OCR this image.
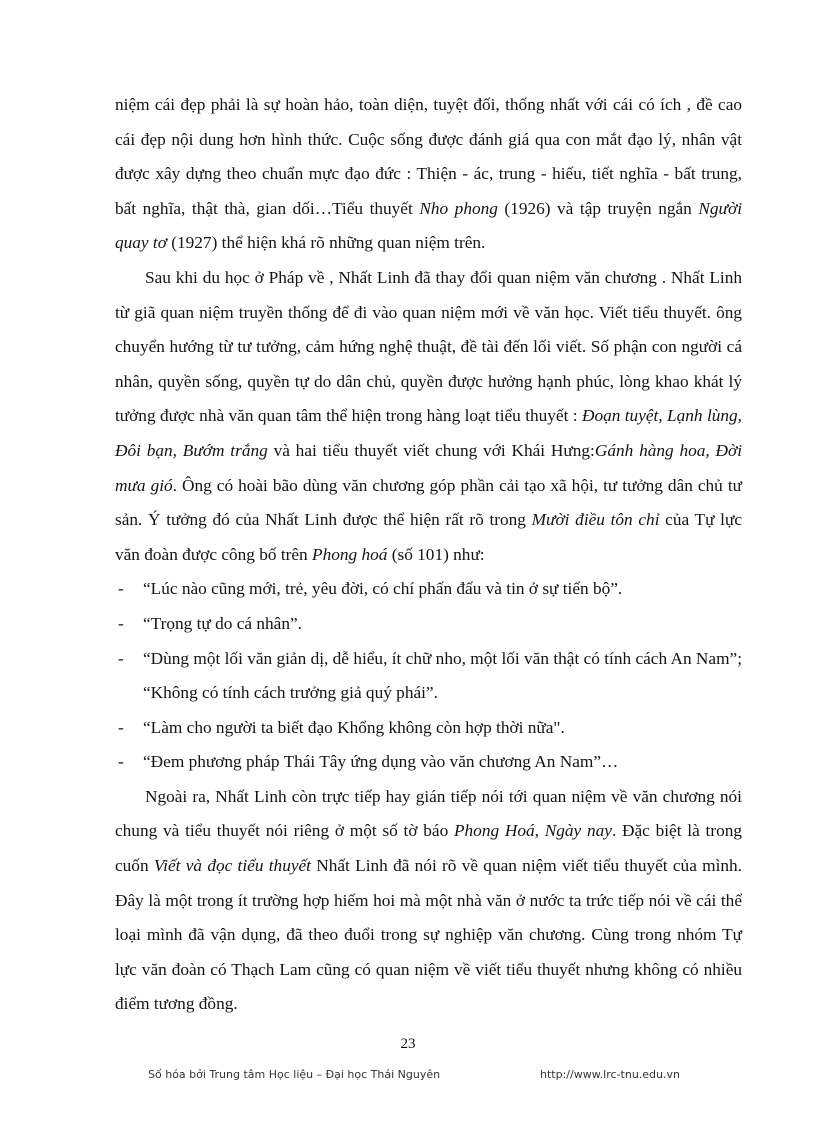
niệm cái đẹp phải là sự hoàn hảo, toàn diện, tuyệt đối, thống nhất với cái có ích , đề cao cái đẹp nội dung hơn hình thức. Cuộc sống được đánh giá qua con mắt đạo lý, nhân vật được xây dựng theo chuẩn mực đạo đức : Thiện - ác, trung - hiếu, tiết nghĩa - bất trung, bất nghĩa, thật thà, gian dối…Tiểu thuyết Nho phong (1926) và tập truyện ngắn Người quay tơ (1927) thể hiện khá rõ những quan niệm trên.

Sau khi du học ở Pháp về , Nhất Linh đã thay đổi quan niệm văn chương . Nhất Linh từ giã quan niệm truyền thống để đi vào quan niệm mới về văn học. Viết tiểu thuyết. ông chuyển hướng từ tư tưởng, cảm hứng nghệ thuật, đề tài đến lối viết. Số phận con người cá nhân, quyền sống, quyền tự do dân chủ, quyền được hưởng hạnh phúc, lòng khao khát lý tưởng được nhà văn quan tâm thể hiện trong hàng loạt tiểu thuyết : Đoạn tuyệt, Lạnh lùng, Đôi bạn, Bướm trắng và hai tiểu thuyết viết chung với Khái Hưng:Gánh hàng hoa, Đời mưa gió. Ông có hoài bão dùng văn chương góp phần cải tạo xã hội, tư tưởng dân chủ tư sản. Ý tưởng đó của Nhất Linh được thể hiện rất rõ trong Mười điều tôn chỉ của Tự lực văn đoàn được công bố trên Phong hoá (số 101) như:

- “Lúc nào cũng mới, trẻ, yêu đời, có chí phấn đấu và tin ở sự tiến bộ”.

- “Trọng tự do cá nhân”.

- “Dùng một lối văn giản dị, dễ hiểu, ít chữ nho, một lối văn thật có tính cách An Nam”; “Không có tính cách trưởng giả quý phái”.

- “Làm cho người ta biết đạo Khổng không còn hợp thời nữa".

- “Đem phương pháp Thái Tây ứng dụng vào văn chương An Nam”…

Ngoài ra, Nhất Linh còn trực tiếp hay gián tiếp nói tới quan niệm về văn chương nói chung và tiểu thuyết nói riêng ở một số tờ báo Phong Hoá, Ngày nay. Đặc biệt là trong cuốn Viết và đọc tiểu thuyết Nhất Linh đã nói rõ về quan niệm viết tiểu thuyết của mình. Đây là một trong ít trường hợp hiếm hoi mà một nhà văn ở nước ta trức tiếp nói về cái thể loại mình đã vận dụng, đã theo đuổi trong sự nghiệp văn chương. Cùng trong nhóm Tự lực văn đoàn có Thạch Lam cũng có quan niệm về viết tiểu thuyết nhưng không có nhiều điểm tương đồng.

23
Số hóa bởi Trung tâm Học liệu – Đại học Thái Nguyên	http://www.lrc-tnu.edu.vn
